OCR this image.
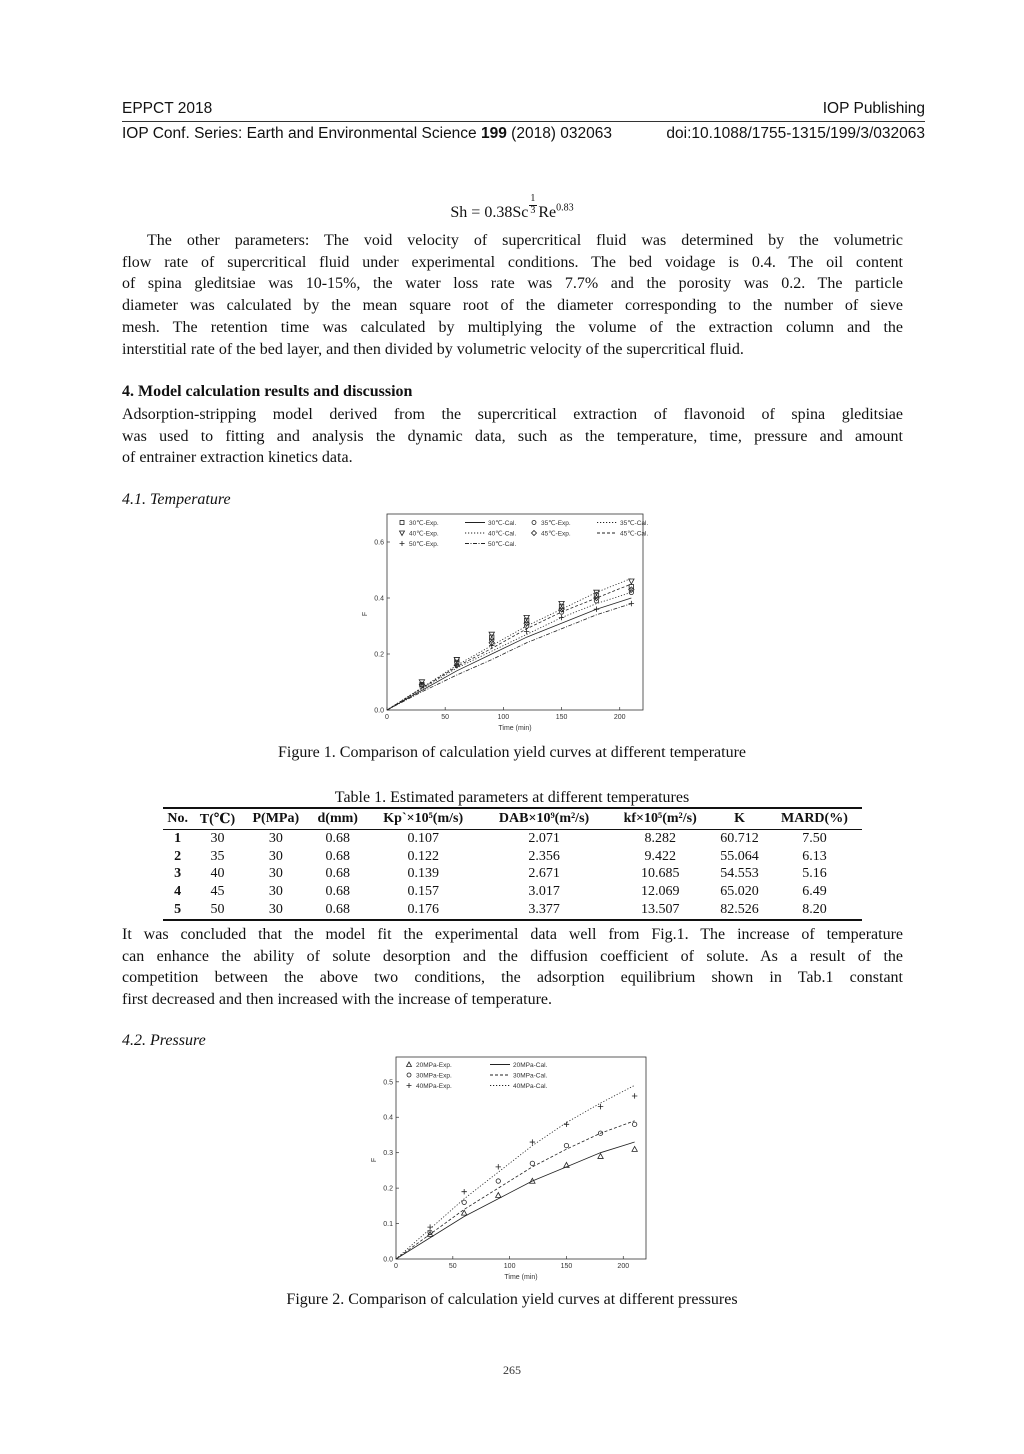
EPPCT 2018	IOP Publishing
IOP Conf. Series: Earth and Environmental Science 199 (2018) 032063	doi:10.1088/1755-1315/199/3/032063
$Sh = 0.38Sc \frac{1}{3} Re^{0.83}$
The other parameters: The void velocity of supercritical fluid was determined by the volumetric
flow rate of supercritical fluid under experimental conditions. The bed voidage is 0.4. The oil content
of spina gleditsiae was 10-15%, the water loss rate was 7.7% and the porosity was 0.2. The particle
diameter was calculated by the mean square root of the diameter corresponding to the number of sieve
mesh. The retention time was calculated by multiplying the volume of the extraction column and the
interstitial rate of the bed layer, and then divided by volumetric velocity of the supercritical fluid.
4. Model calculation results and discussion
Adsorption-stripping model derived from the supercritical extraction of flavonoid of spina gleditsiae
was used to fitting and analysis the dynamic data, such as the temperature, time, pressure and amount
of entrainer extraction kinetics data.
4.1. Temperature
0	50	100	150	200
0.0
0.2
0.4
0.6
Time (min)
F
30℃-Exp.	30℃-Cal.	35℃-Exp.	35℃-Cal.
40℃-Exp.	40℃-Cal.	45℃-Exp.	45℃-Cal.
50℃-Exp.	50℃-Cal.
Figure 1. Comparison of calculation yield curves at different temperature
Table 1. Estimated parameters at different temperatures
No.	T(℃)	P(MPa)	d(mm)	Kp`×10⁵(m/s)	DAB×10⁹(m²/s)	kf×10⁵(m²/s)	K	MARD(%)
1	30	30	0.68	0.107	2.071	8.282	60.712	7.50
2	35	30	0.68	0.122	2.356	9.422	55.064	6.13
3	40	30	0.68	0.139	2.671	10.685	54.553	5.16
4	45	30	0.68	0.157	3.017	12.069	65.020	6.49
5	50	30	0.68	0.176	3.377	13.507	82.526	8.20
It was concluded that the model fit the experimental data well from Fig.1. The increase of temperature
can enhance the ability of solute desorption and the diffusion coefficient of solute. As a result of the
competition between the above two conditions, the adsorption equilibrium shown in Tab.1 constant
first decreased and then increased with the increase of temperature.
4.2. Pressure
0	50	100	150	200
0.0
0.1
0.2
0.3
0.4
0.5
Time (min)
F
20MPa-Exp.	20MPa-Cal.
30MPa-Exp.	30MPa-Cal.
40MPa-Exp.	40MPa-Cal.
Figure 2. Comparison of calculation yield curves at different pressures
265
